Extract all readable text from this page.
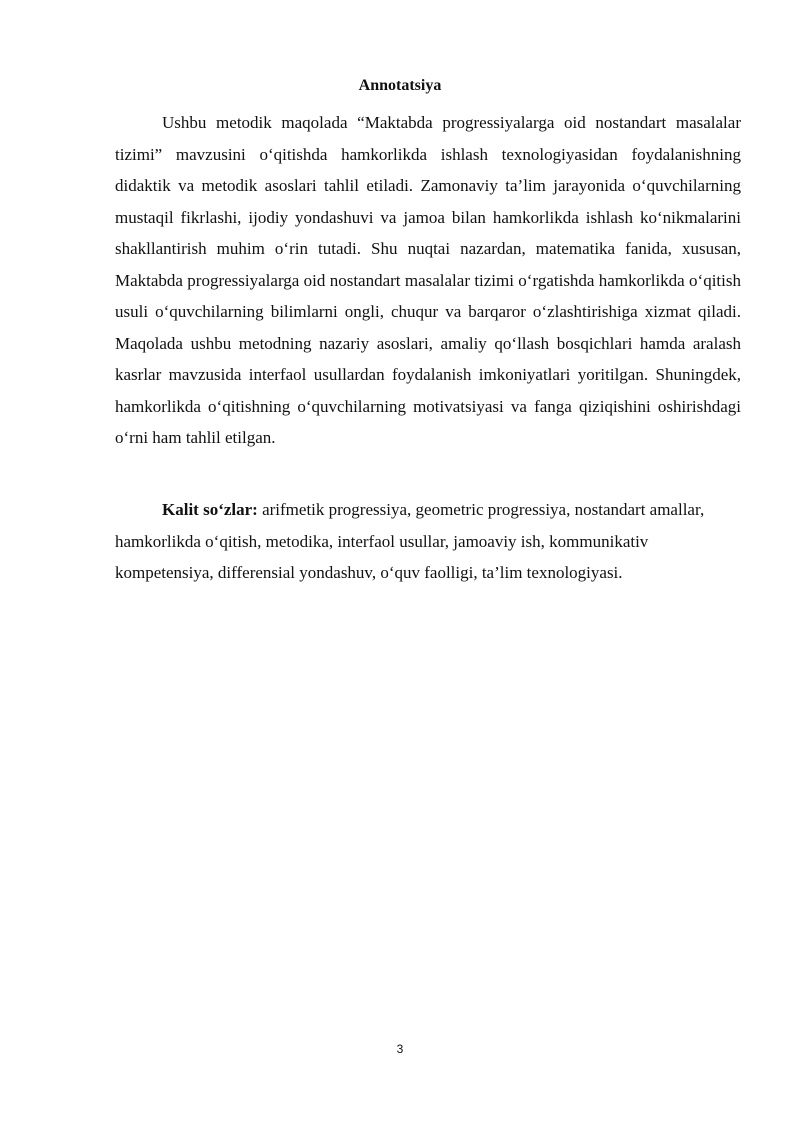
Annotatsiya

Ushbu metodik maqolada “Maktabda progressiyalarga oid nostandart masalalar tizimi” mavzusini o‘qitishda hamkorlikda ishlash texnologiyasidan foydalanishning didaktik va metodik asoslari tahlil etiladi. Zamonaviy ta’lim jarayonida o‘quvchilarning mustaqil fikrlashi, ijodiy yondashuvi va jamoa bilan hamkorlikda ishlash ko‘nikmalarini shakllantirish muhim o‘rin tutadi. Shu nuqtai nazardan, matematika fanida, xususan, Maktabda progressiyalarga oid nostandart masalalar tizimi o‘rgatishda hamkorlikda o‘qitish usuli o‘quvchilarning bilimlarni ongli, chuqur va barqaror o‘zlashtirishiga xizmat qiladi. Maqolada ushbu metodning nazariy asoslari, amaliy qo‘llash bosqichlari hamda aralash kasrlar mavzusida interfaol usullardan foydalanish imkoniyatlari yoritilgan. Shuningdek, hamkorlikda o‘qitishning o‘quvchilarning motivatsiyasi va fanga qiziqishini oshirishdagi o‘rni ham tahlil etilgan.

Kalit so‘zlar: arifmetik progressiya, geometric progressiya, nostandart amallar, hamkorlikda o‘qitish, metodika, interfaol usullar, jamoaviy ish, kommunikativ kompetensiya, differensial yondashuv, o‘quv faolligi, ta’lim texnologiyasi.

3
